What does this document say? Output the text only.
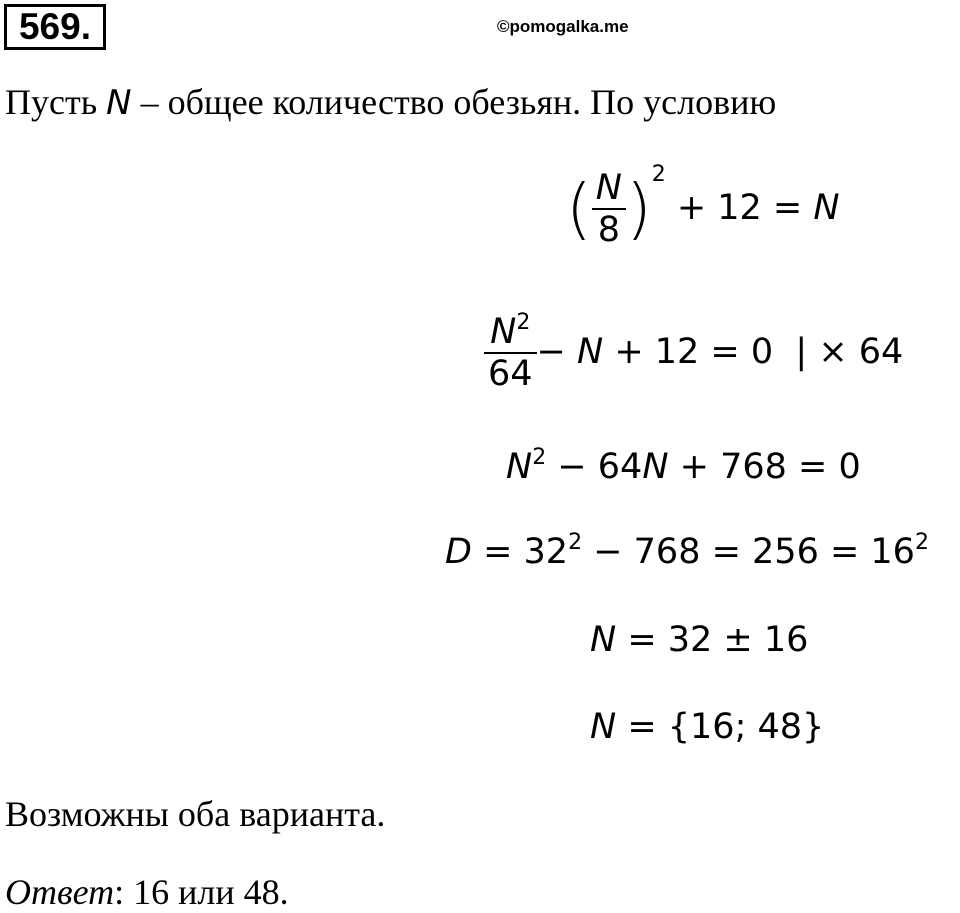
569.	©pomogalka.me
Пусть N – общее количество обезьян. По условию
( $\frac{N}{8} )^2 + 12 = N$
$\frac{N^2}{64} - N + 12 = 0$  | × 64
$N^2 - 64N + 768 = 0$
$D = 32^2 - 768 = 256 = 16^2$
N = 32 ± 16
N = {16; 48}
Возможны оба варианта.
Ответ: 16 или 48.
